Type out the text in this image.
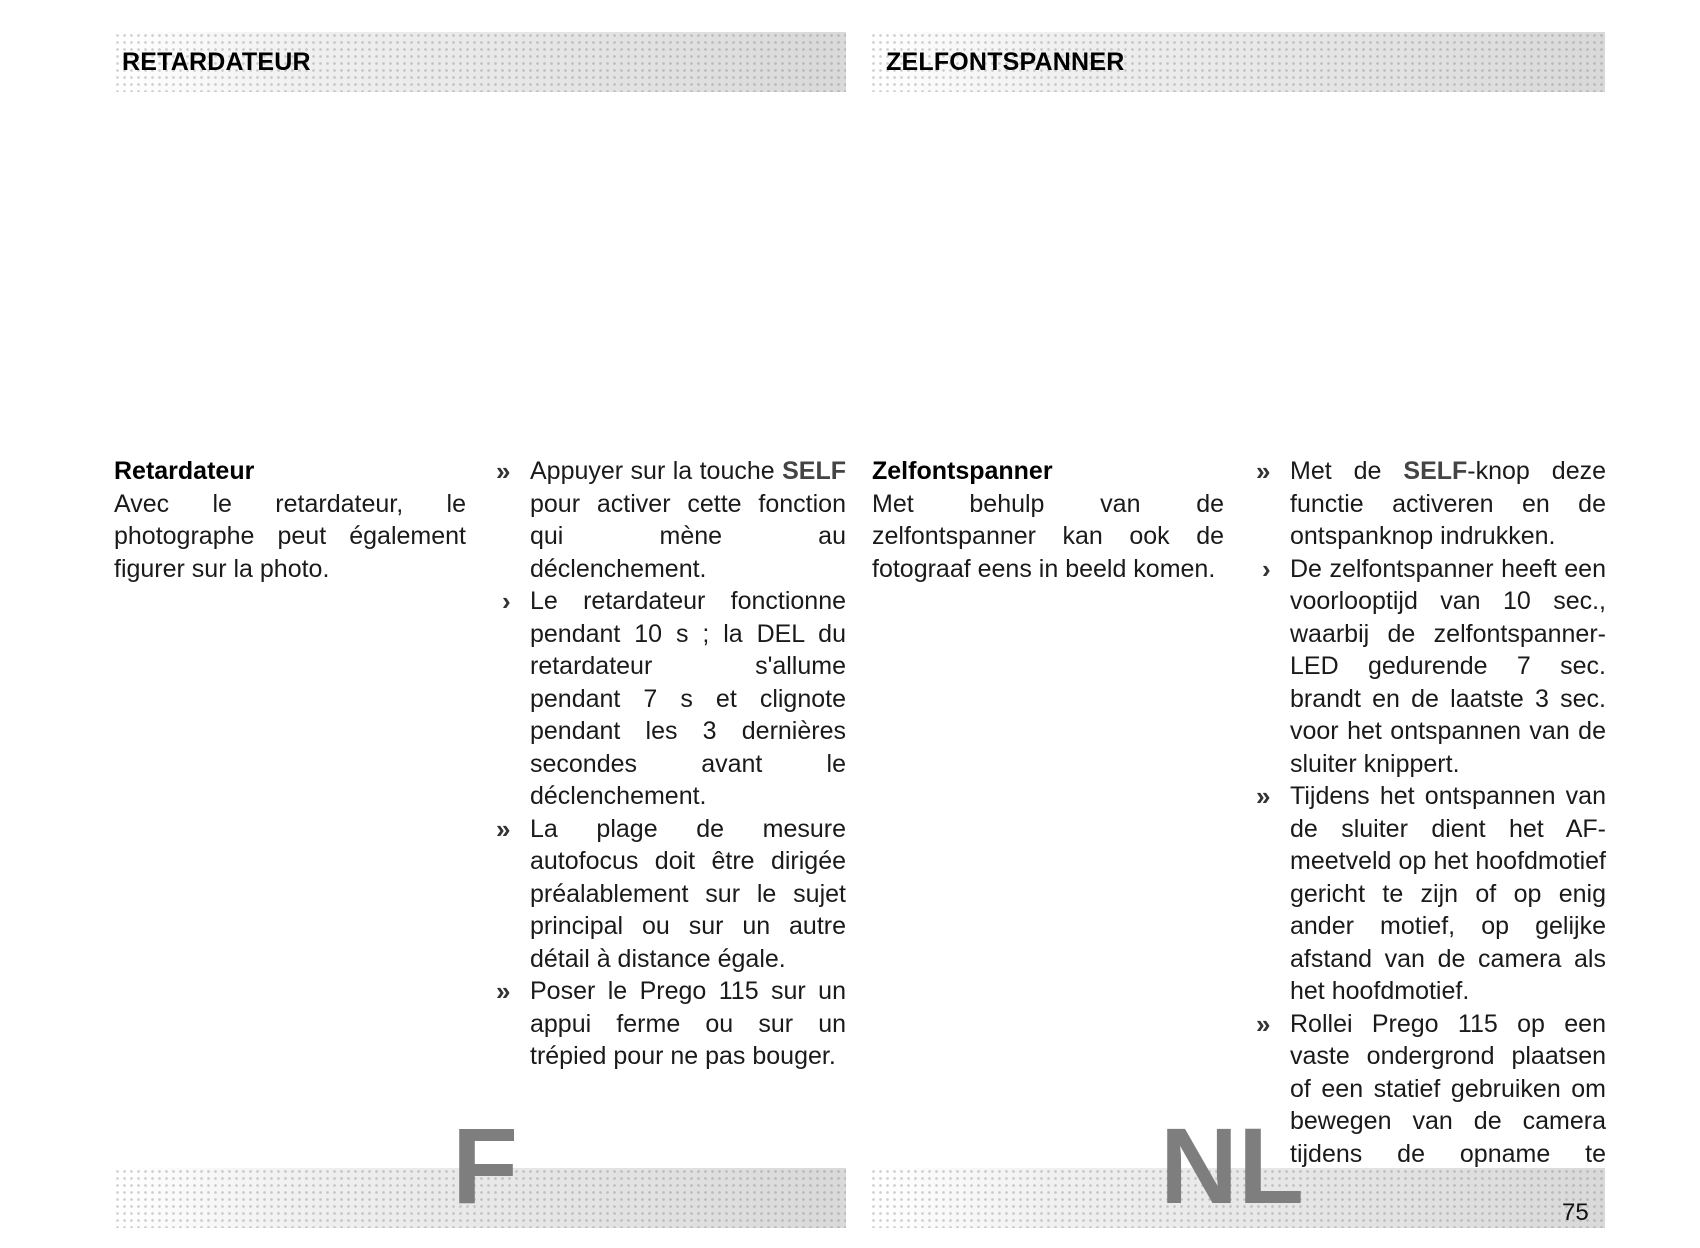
RETARDATEUR	ZELFONTSPANNER
Retardateur
Avec le retardateur, le photographe peut également figurer sur la photo.
» Appuyer sur la touche SELF pour activer cette fonction qui mène au déclenchement.
› Le retardateur fonctionne pendant 10 s ; la DEL du retardateur s'allume pendant 7 s et clignote pendant les 3 dernières secondes avant le déclenchement.
» La plage de mesure autofocus doit être dirigée préalablement sur le sujet principal ou sur un autre détail à distance égale.
» Poser le Prego 115 sur un appui ferme ou sur un trépied pour ne pas bouger.
Zelfontspanner
Met behulp van de zelfontspanner kan ook de fotograaf eens in beeld komen.
» Met de SELF-knop deze functie activeren en de ontspanknop indrukken.
› De zelfontspanner heeft een voorlooptijd van 10 sec., waarbij de zelfontspanner-LED gedurende 7 sec. brandt en de laatste 3 sec. voor het ontspannen van de sluiter knippert.
» Tijdens het ontspannen van de sluiter dient het AF-meetveld op het hoofdmotief gericht te zijn of op enig ander motief, op gelijke afstand van de camera als het hoofdmotief.
» Rollei Prego 115 op een vaste ondergrond plaatsen of een statief gebruiken om bewegen van de camera tijdens de opname te
F	NL	75
